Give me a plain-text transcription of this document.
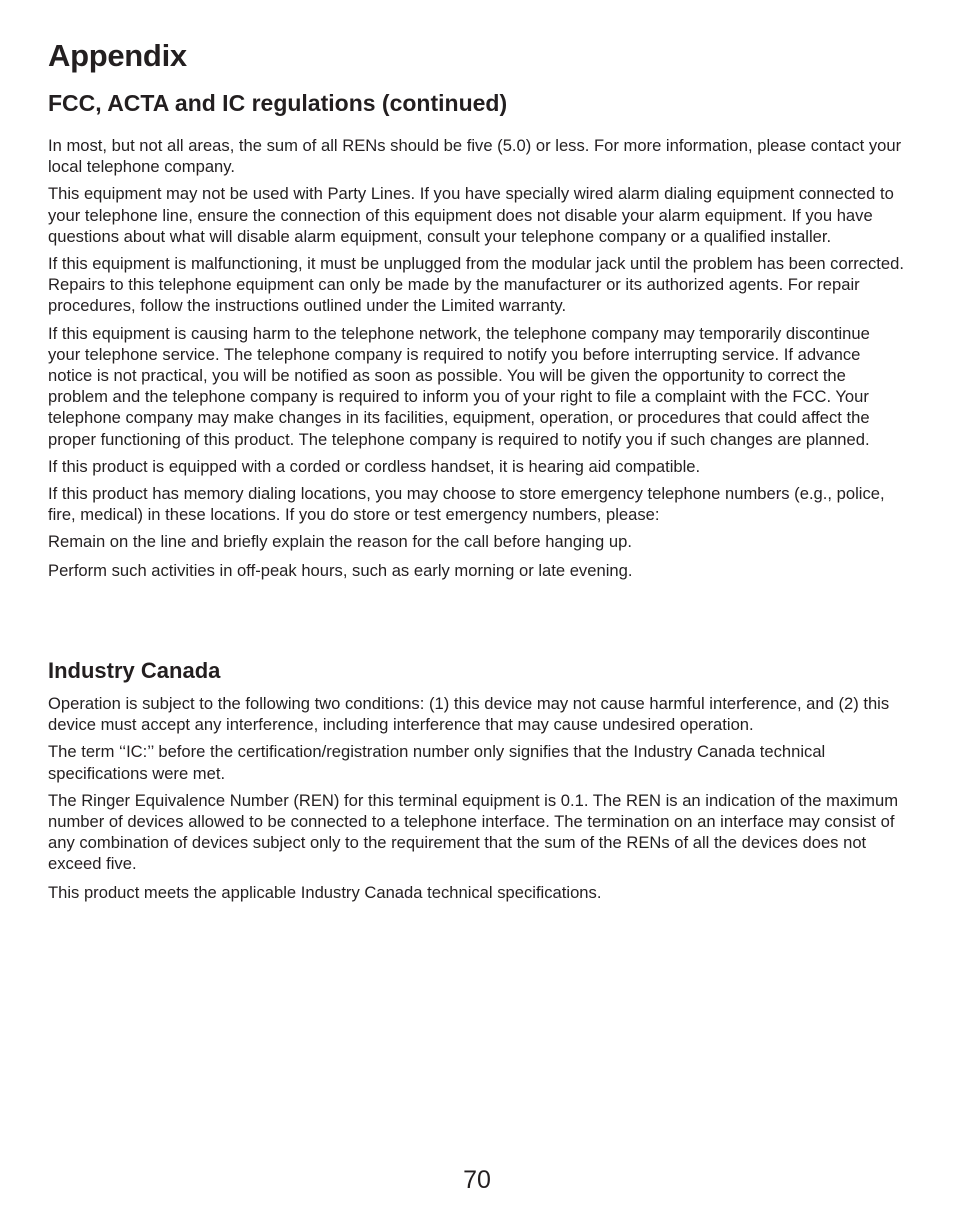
Appendix
FCC, ACTA and IC regulations (continued)

In most, but not all areas, the sum of all RENs should be five (5.0) or less. For more information, please contact your local telephone company.

This equipment may not be used with Party Lines. If you have specially wired alarm dialing equipment connected to your telephone line, ensure the connection of this equipment does not disable your alarm equipment. If you have questions about what will disable alarm equipment, consult your telephone company or a qualified installer.

If this equipment is malfunctioning, it must be unplugged from the modular jack until the problem has been corrected. Repairs to this telephone equipment can only be made by the manufacturer or its authorized agents. For repair procedures, follow the instructions outlined under the Limited warranty.

If this equipment is causing harm to the telephone network, the telephone company may temporarily discontinue your telephone service. The telephone company is required to notify you before interrupting service. If advance notice is not practical, you will be notified as soon as possible. You will be given the opportunity to correct the problem and the telephone company is required to inform you of your right to file a complaint with the FCC. Your telephone company may make changes in its facilities, equipment, operation, or procedures that could affect the proper functioning of this product. The telephone company is required to notify you if such changes are planned.

If this product is equipped with a corded or cordless handset, it is hearing aid compatible.

If this product has memory dialing locations, you may choose to store emergency telephone numbers (e.g., police, fire, medical) in these locations. If you do store or test emergency numbers, please:

Remain on the line and briefly explain the reason for the call before hanging up.

Perform such activities in off-peak hours, such as early morning or late evening.

Industry Canada

Operation is subject to the following two conditions: (1) this device may not cause harmful interference, and (2) this device must accept any interference, including interference that may cause undesired operation.

The term ‘‘IC:’’ before the certification/registration number only signifies that the Industry Canada technical specifications were met.

The Ringer Equivalence Number (REN) for this terminal equipment is 0.1. The REN is an indication of the maximum number of devices allowed to be connected to a telephone interface. The termination on an interface may consist of any combination of devices subject only to the requirement that the sum of the RENs of all the devices does not exceed five.

This product meets the applicable Industry Canada technical specifications.

70
